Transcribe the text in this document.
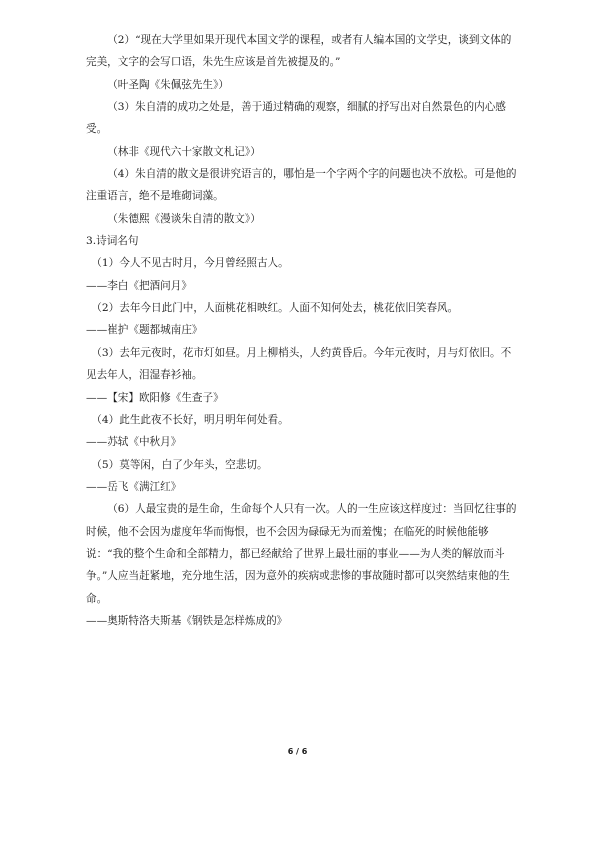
（2）“现在大学里如果开现代本国文学的课程，或者有人编本国的文学史，谈到文体的完美，文字的会写口语，朱先生应该是首先被提及的。”

（叶圣陶《朱佩弦先生》）

（3）朱自清的成功之处是，善于通过精确的观察，细腻的抒写出对自然景色的内心感受。

（林非《现代六十家散文札记》）

（4）朱自清的散文是很讲究语言的，哪怕是一个字两个字的问题也决不放松。可是他的注重语言，绝不是堆砌词藻。

（朱德熙《漫谈朱自清的散文》）

3.诗词名句

（1）今人不见古时月，今月曾经照古人。

——李白《把酒问月》

（2）去年今日此门中，人面桃花相映红。人面不知何处去，桃花依旧笑春风。

——崔护《题都城南庄》

（3）去年元夜时，花市灯如昼。月上柳梢头，人约黄昏后。今年元夜时，月与灯依旧。不见去年人，泪湿春衫袖。

——【宋】欧阳修《生查子》

（4）此生此夜不长好，明月明年何处看。

——苏轼《中秋月》

（5）莫等闲，白了少年头，空悲切。

——岳飞《满江红》

（6）人最宝贵的是生命，生命每个人只有一次。人的一生应该这样度过：当回忆往事的时候，他不会因为虚度年华而悔恨，也不会因为碌碌无为而羞愧；在临死的时候他能够说：“我的整个生命和全部精力，都已经献给了世界上最壮丽的事业——为人类的解放而斗争。”人应当赶紧地，充分地生活，因为意外的疾病或悲惨的事故随时都可以突然结束他的生命。

——奥斯特洛夫斯基《钢铁是怎样炼成的》

6 / 6
